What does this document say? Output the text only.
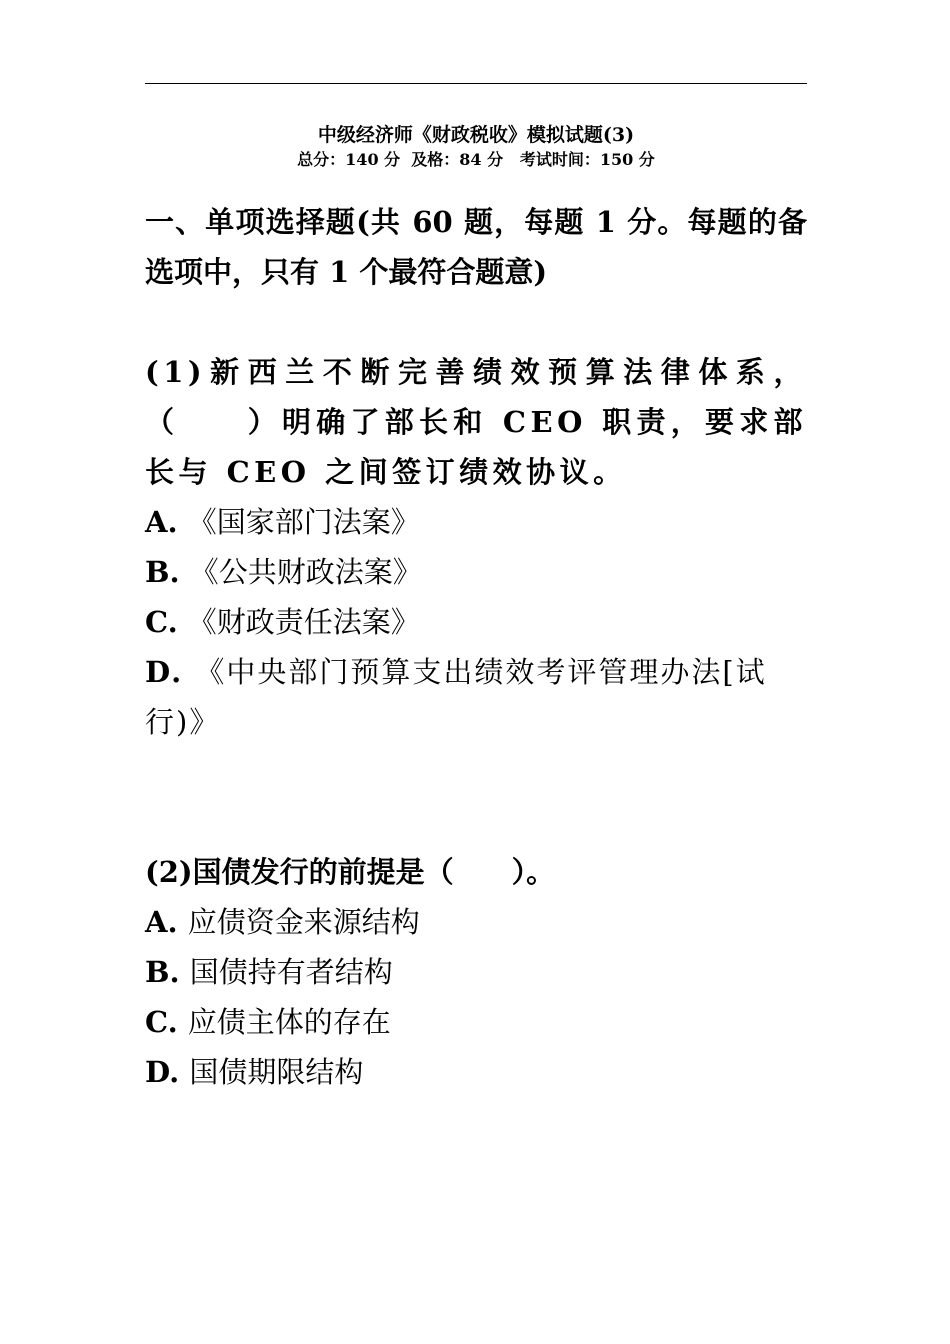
中级经济师《财政税收》模拟试题(3)
总分：140 分  及格：84 分   考试时间：150 分

一、单项选择题(共 60 题，每题 1 分。每题的备选项中，只有 1 个最符合题意)

(1)新西兰不断完善绩效预算法律体系，（　　）明确了部长和 CEO 职责，要求部长与 CEO 之间签订绩效协议。

A. 《国家部门法案》

B. 《公共财政法案》

C. 《财政责任法案》

D. 《中央部门预算支出绩效考评管理办法[试行)》

(2)国债发行的前提是（　　）。

A. 应债资金来源结构

B. 国债持有者结构

C. 应债主体的存在

D. 国债期限结构
